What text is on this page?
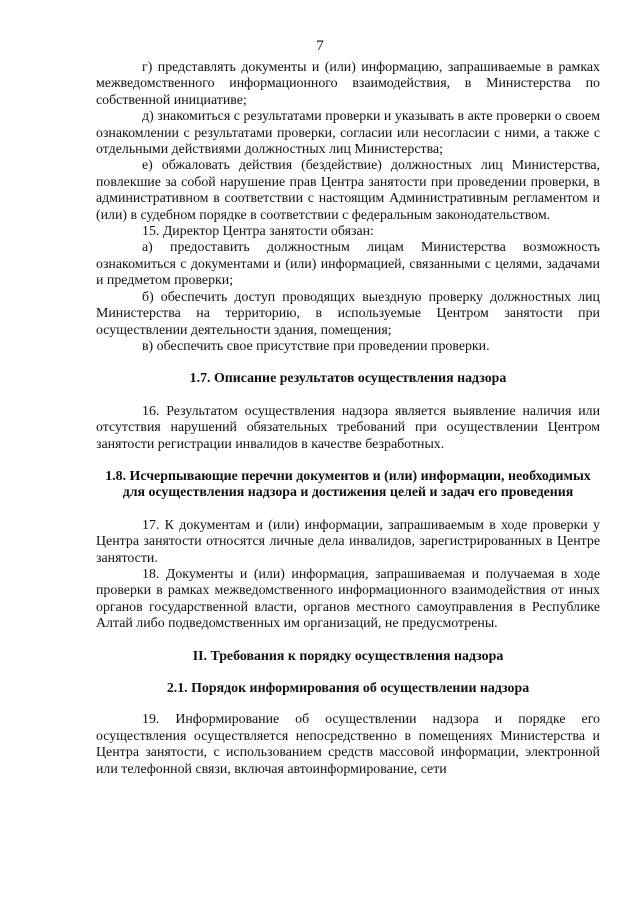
7

г) представлять документы и (или) информацию, запрашиваемые в рамках межведомственного информационного взаимодействия, в Министерства по собственной инициативе;

д) знакомиться с результатами проверки и указывать в акте проверки о своем ознакомлении с результатами проверки, согласии или несогласии с ними, а также с отдельными действиями должностных лиц Министерства;

е) обжаловать действия (бездействие) должностных лиц Министерства, повлекшие за собой нарушение прав Центра занятости при проведении проверки, в административном в соответствии с настоящим Административным регламентом и (или) в судебном порядке в соответствии с федеральным законодательством.

15. Директор Центра занятости обязан:

а) предоставить должностным лицам Министерства возможность ознакомиться с документами и (или) информацией, связанными с целями, задачами и предметом проверки;

б) обеспечить доступ проводящих выездную проверку должностных лиц Министерства на территорию, в используемые Центром занятости при осуществлении деятельности здания, помещения;

в) обеспечить свое присутствие при проведении проверки.

1.7. Описание результатов осуществления надзора

16. Результатом осуществления надзора является выявление наличия или отсутствия нарушений обязательных требований при осуществлении Центром занятости регистрации инвалидов в качестве безработных.

1.8. Исчерпывающие перечни документов и (или) информации, необходимых для осуществления надзора и достижения целей и задач его проведения

17. К документам и (или) информации, запрашиваемым в ходе проверки у Центра занятости относятся личные дела инвалидов, зарегистрированных в Центре занятости.

18. Документы и (или) информация, запрашиваемая и получаемая в ходе проверки в рамках межведомственного информационного взаимодействия от иных органов государственной власти, органов местного самоуправления в Республике Алтай либо подведомственных им организаций, не предусмотрены.

II. Требования к порядку осуществления надзора
2.1. Порядок информирования об осуществлении надзора

19. Информирование об осуществлении надзора и порядке его осуществления осуществляется непосредственно в помещениях Министерства и Центра занятости, с использованием средств массовой информации, электронной или телефонной связи, включая автоинформирование, сети
